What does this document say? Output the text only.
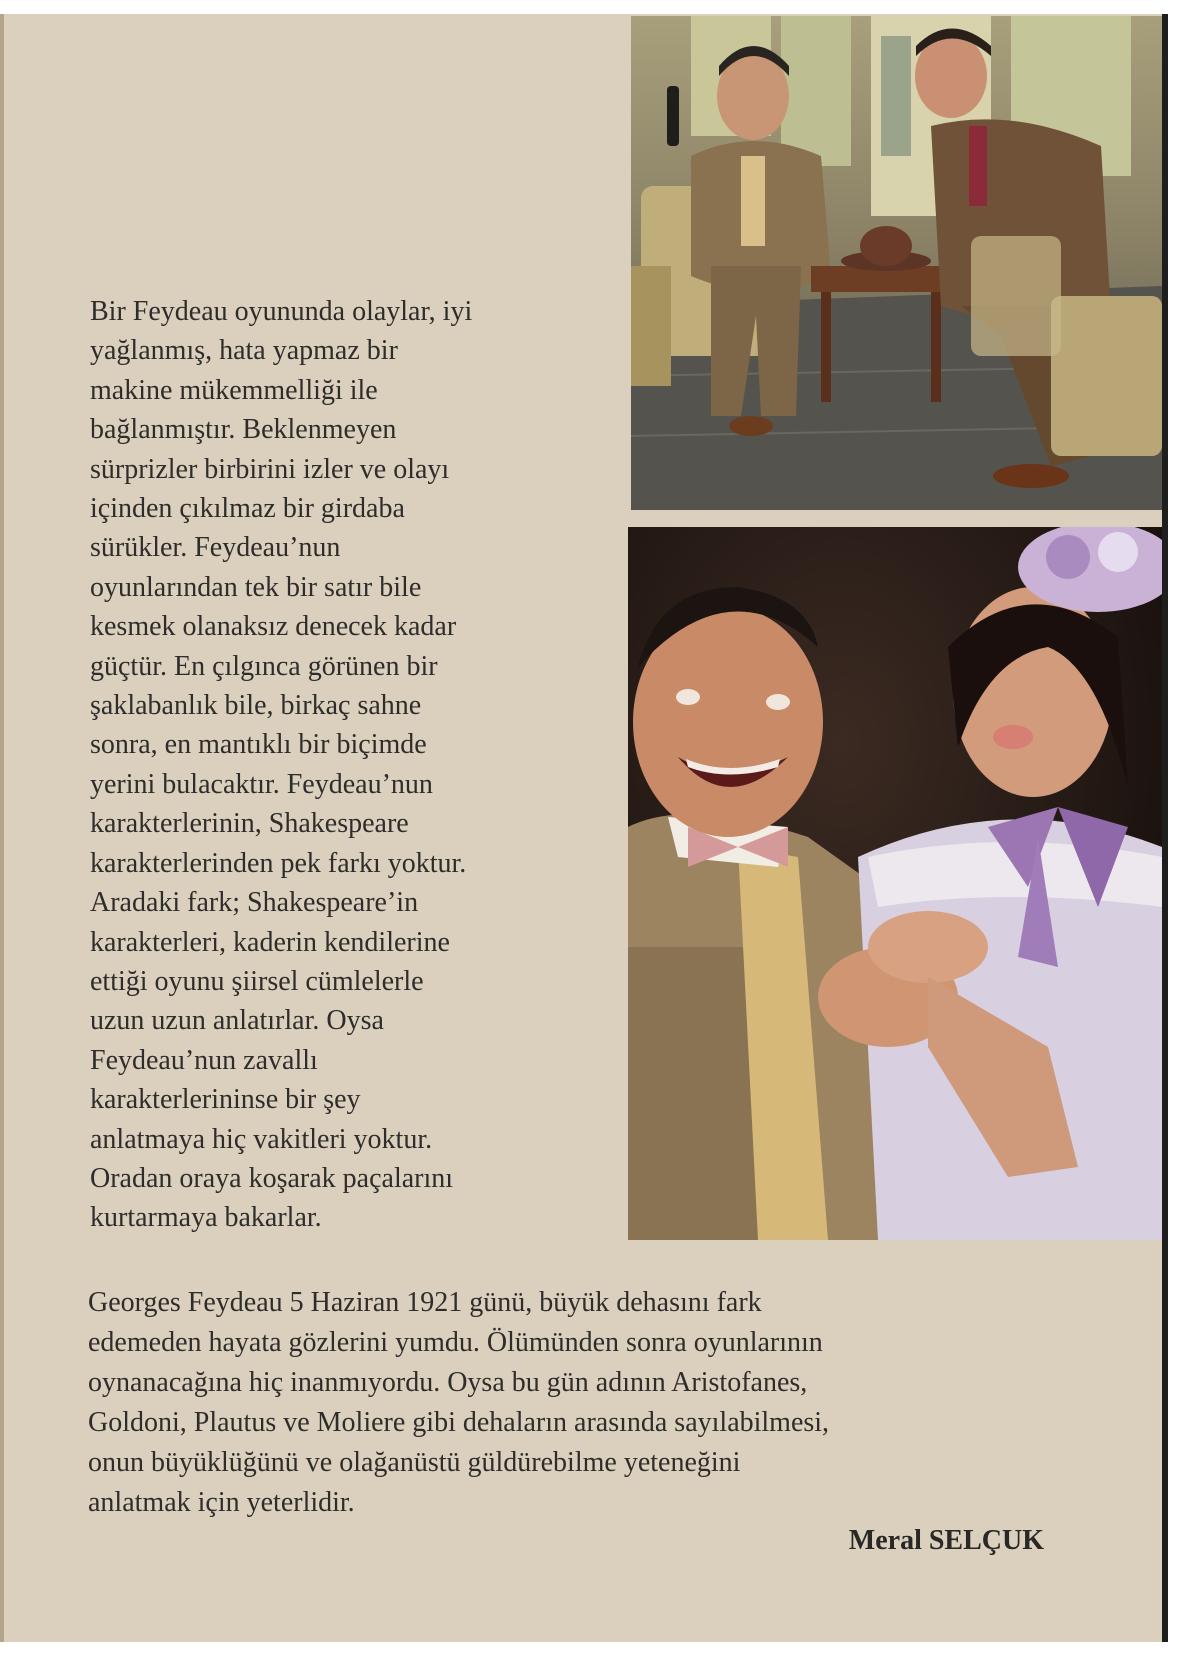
Bir Feydeau oyununda olaylar, iyi
yağlanmış, hata yapmaz bir
makine mükemmelliği ile
bağlanmıştır. Beklenmeyen
sürprizler birbirini izler ve olayı
içinden çıkılmaz bir girdaba
sürükler. Feydeau’nun
oyunlarından tek bir satır bile
kesmek olanaksız denecek kadar
güçtür. En çılgınca görünen bir
şaklabanlık bile, birkaç sahne
sonra, en mantıklı bir biçimde
yerini bulacaktır. Feydeau’nun
karakterlerinin, Shakespeare
karakterlerinden pek farkı yoktur.
Aradaki fark; Shakespeare’in
karakterleri, kaderin kendilerine
ettiği oyunu şiirsel cümlelerle
uzun uzun anlatırlar. Oysa
Feydeau’nun zavallı
karakterlerininse bir şey
anlatmaya hiç vakitleri yoktur.
Oradan oraya koşarak paçalarını
kurtarmaya bakarlar.

Georges Feydeau 5 Haziran 1921 günü, büyük dehasını fark
edemeden hayata gözlerini yumdu. Ölümünden sonra oyunlarının
oynanacağına hiç inanmıyordu. Oysa bu gün adının Aristofanes,
Goldoni, Plautus ve Moliere gibi dehaların arasında sayılabilmesi,
onun büyüklüğünü ve olağanüstü güldürebilme yeteneğini
anlatmak için yeterlidir.

Meral SELÇUK
